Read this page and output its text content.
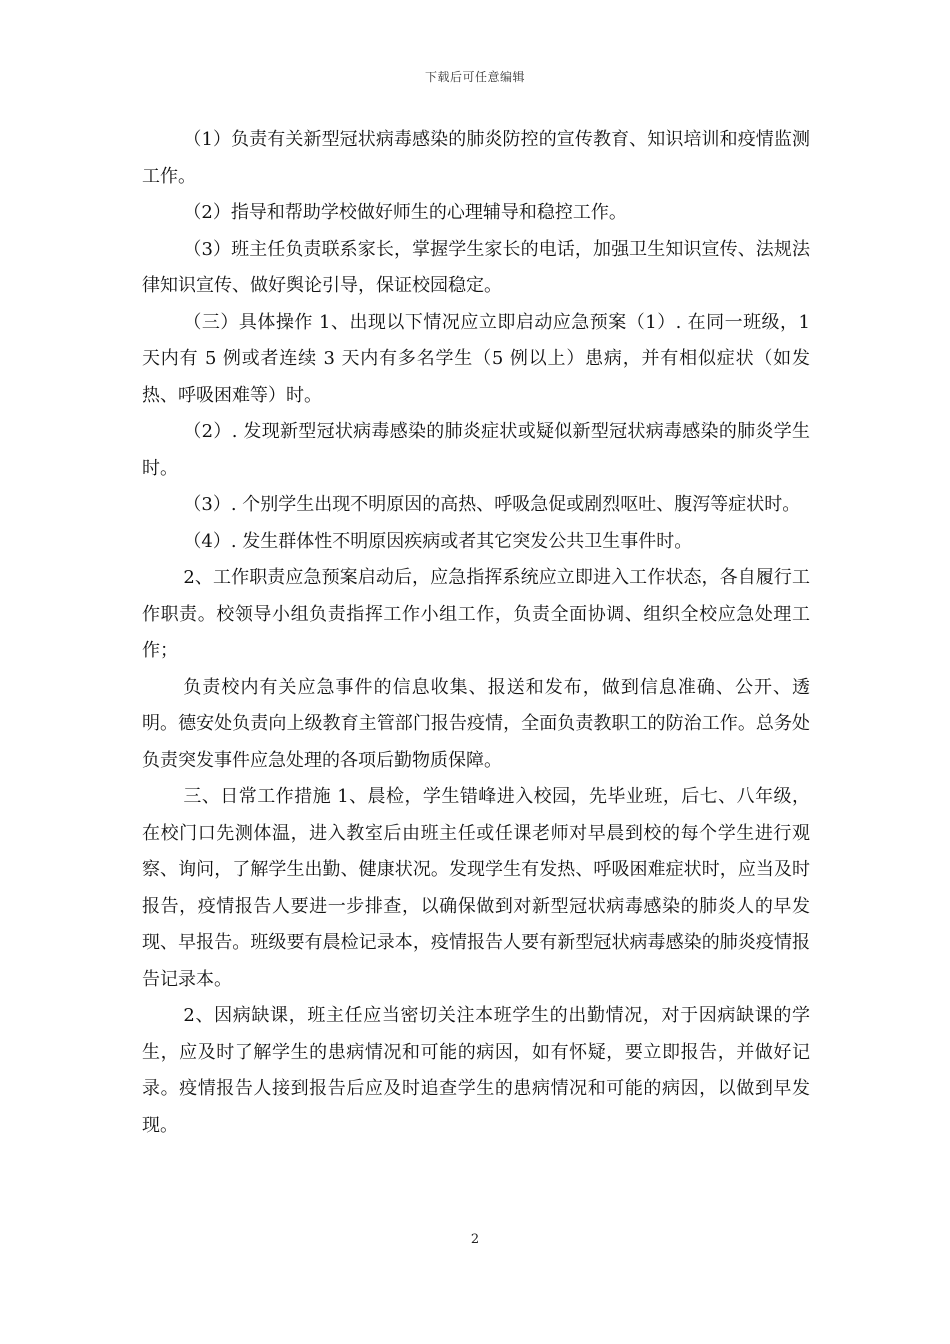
下载后可任意编辑

（1）负责有关新型冠状病毒感染的肺炎防控的宣传教育、知识培训和疫情监测工作。

（2）指导和帮助学校做好师生的心理辅导和稳控工作。

（3）班主任负责联系家长，掌握学生家长的电话，加强卫生知识宣传、法规法律知识宣传、做好舆论引导，保证校园稳定。

（三）具体操作 1、出现以下情况应立即启动应急预案（1）. 在同一班级，1 天内有 5 例或者连续 3 天内有多名学生（5 例以上）患病，并有相似症状（如发热、呼吸困难等）时。

（2）. 发现新型冠状病毒感染的肺炎症状或疑似新型冠状病毒感染的肺炎学生时。

（3）. 个别学生出现不明原因的高热、呼吸急促或剧烈呕吐、腹泻等症状时。

（4）. 发生群体性不明原因疾病或者其它突发公共卫生事件时。

2、工作职责应急预案启动后，应急指挥系统应立即进入工作状态，各自履行工作职责。校领导小组负责指挥工作小组工作，负责全面协调、组织全校应急处理工作；

负责校内有关应急事件的信息收集、报送和发布，做到信息准确、公开、透明。德安处负责向上级教育主管部门报告疫情，全面负责教职工的防治工作。总务处负责突发事件应急处理的各项后勤物质保障。

三、日常工作措施 1、晨检，学生错峰进入校园，先毕业班，后七、八年级，在校门口先测体温，进入教室后由班主任或任课老师对早晨到校的每个学生进行观察、询问，了解学生出勤、健康状况。发现学生有发热、呼吸困难症状时，应当及时报告，疫情报告人要进一步排查，以确保做到对新型冠状病毒感染的肺炎人的早发现、早报告。班级要有晨检记录本，疫情报告人要有新型冠状病毒感染的肺炎疫情报告记录本。

2、因病缺课，班主任应当密切关注本班学生的出勤情况，对于因病缺课的学生，应及时了解学生的患病情况和可能的病因，如有怀疑，要立即报告，并做好记录。疫情报告人接到报告后应及时追查学生的患病情况和可能的病因，以做到早发现。

2
